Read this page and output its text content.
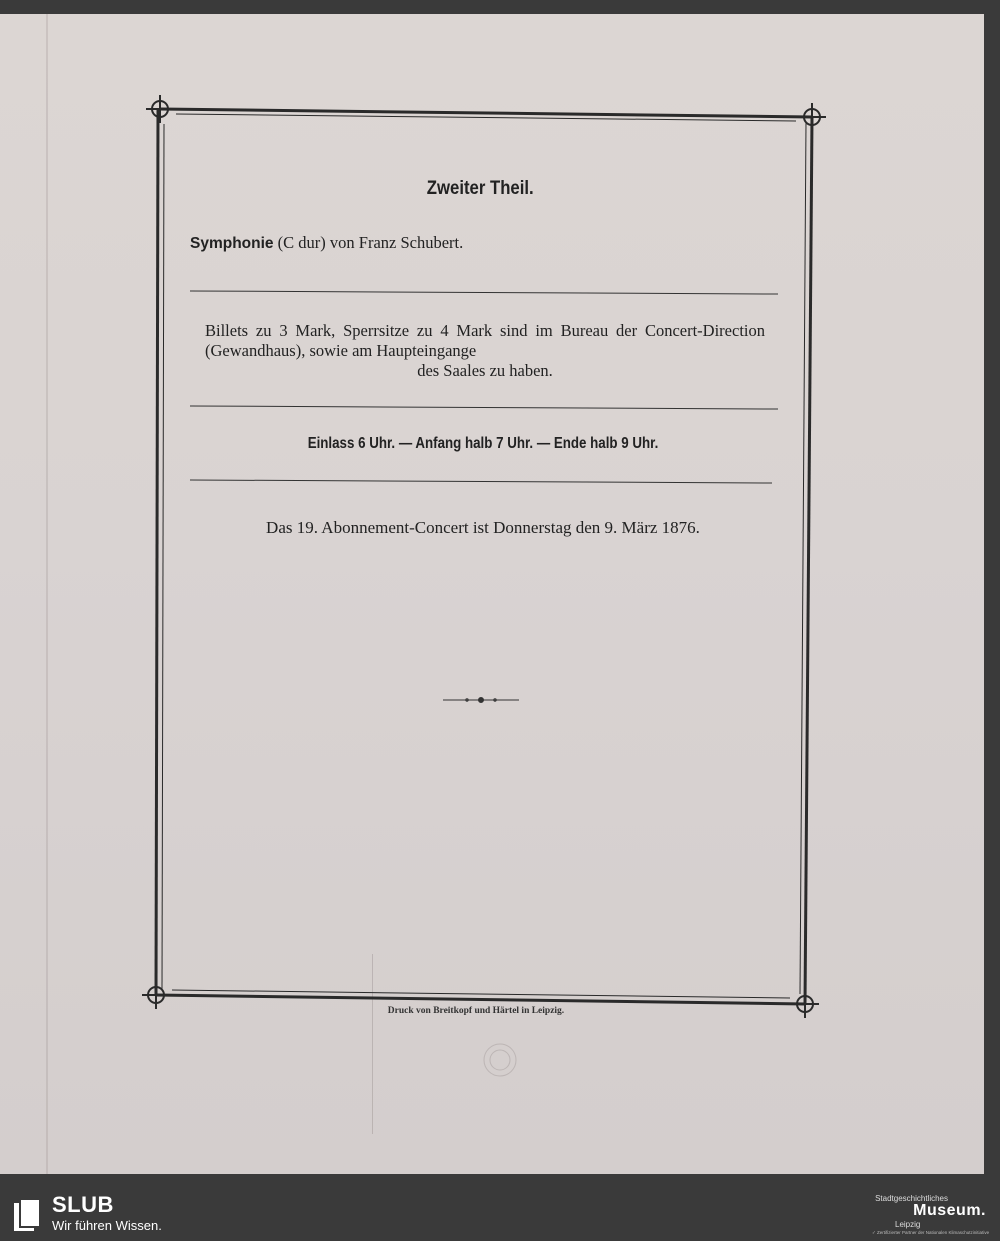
Zweiter Theil.
Symphonie (C dur) von Franz Schubert.
Billets zu 3 Mark, Sperrsitze zu 4 Mark sind im Bureau der Concert-Direction (Gewandhaus), sowie am Haupteingange
des Saales zu haben.
Einlass 6 Uhr. — Anfang halb 7 Uhr. — Ende halb 9 Uhr.
Das 19. Abonnement-Concert ist Donnerstag den 9. März 1876.
Druck von Breitkopf und Härtel in Leipzig.
SLUB
Wir führen Wissen.
Stadtgeschichtliches
Museum.
Leipzig
✓ Zertifizierter Partner der Nationalen Klimaschutzinitiative
